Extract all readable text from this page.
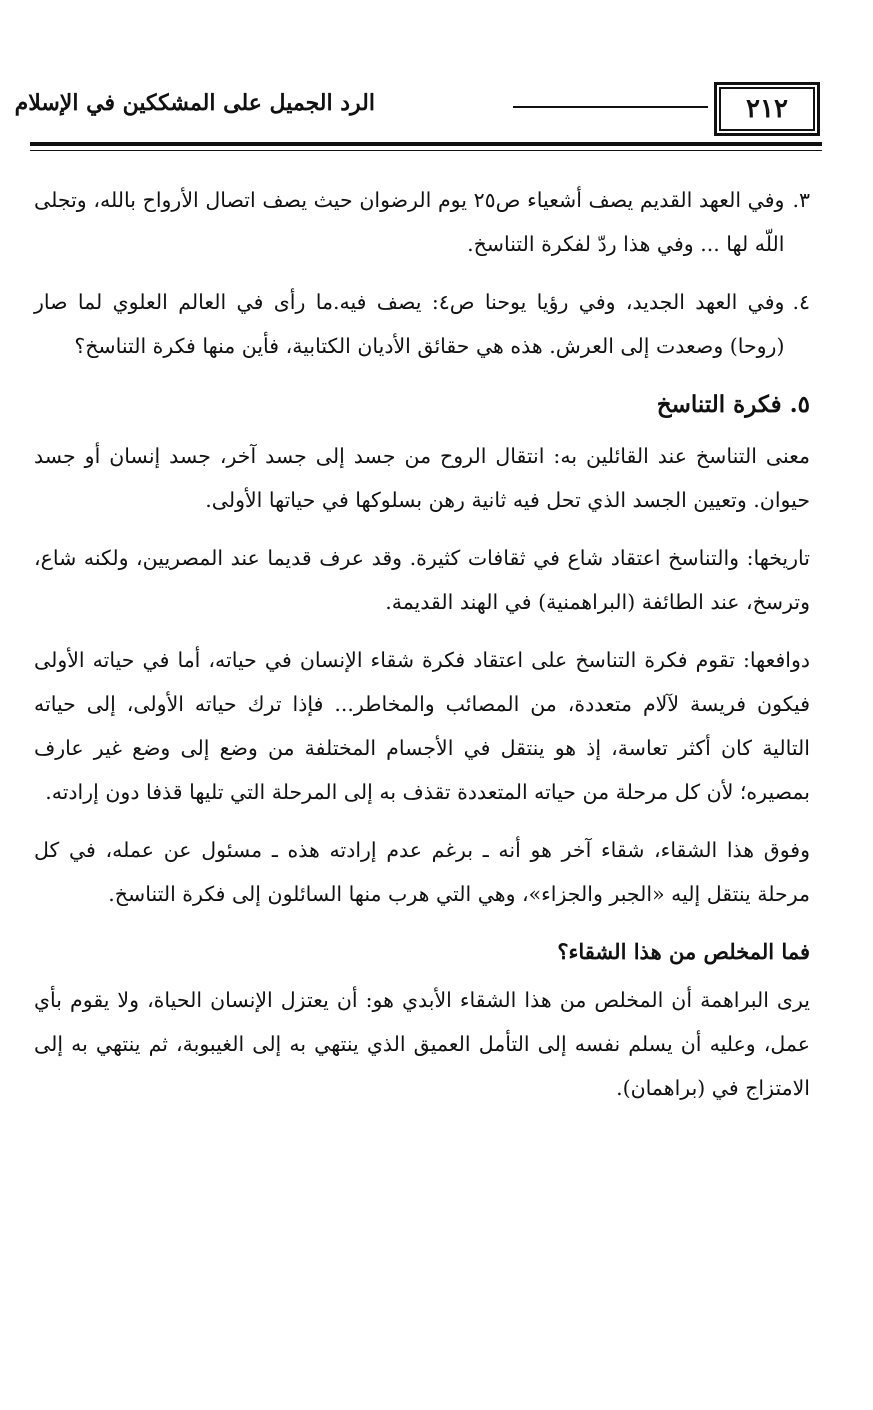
٢١٢
الرد الجميل على المشككين في الإسلام
٣.
وفي العهد القديم يصف أشعياء ص٢٥ يوم الرضوان حيث يصف اتصال الأرواح بالله، وتجلى اللّه لها ... وفي هذا ردّ لفكرة التناسخ.
٤.
وفي العهد الجديد، وفي رؤيا يوحنا ص٤: يصف فيه.ما رأى في العالم العلوي لما صار (روحا) وصعدت إلى العرش. هذه هي حقائق الأديان الكتابية، فأين منها فكرة التناسخ؟
٥. فكرة التناسخ

معنى التناسخ عند القائلين به: انتقال الروح من جسد إلى جسد آخر، جسد إنسان أو جسد حيوان. وتعيين الجسد الذي تحل فيه ثانية رهن بسلوكها في حياتها الأولى.

تاريخها: والتناسخ اعتقاد شاع في ثقافات كثيرة. وقد عرف قديما عند المصريين، ولكنه شاع، وترسخ، عند الطائفة (البراهمنية) في الهند القديمة.

دوافعها: تقوم فكرة التناسخ على اعتقاد فكرة شقاء الإنسان في حياته، أما في حياته الأولى فيكون فريسة لآلام متعددة، من المصائب والمخاطر... فإذا ترك حياته الأولى، إلى حياته التالية كان أكثر تعاسة، إذ هو ينتقل في الأجسام المختلفة من وضع إلى وضع غير عارف بمصيره؛ لأن كل مرحلة من حياته المتعددة تقذف به إلى المرحلة التي تليها قذفا دون إرادته.

وفوق هذا الشقاء، شقاء آخر هو أنه ـ برغم عدم إرادته هذه ـ مسئول عن عمله، في كل مرحلة ينتقل إليه «الجبر والجزاء»، وهي التي هرب منها السائلون إلى فكرة التناسخ.

فما المخلص من هذا الشقاء؟

يرى البراهمة أن المخلص من هذا الشقاء الأبدي هو: أن يعتزل الإنسان الحياة، ولا يقوم بأي عمل، وعليه أن يسلم نفسه إلى التأمل العميق الذي ينتهي به إلى الغيبوبة، ثم ينتهي به إلى الامتزاج في (براهمان).
